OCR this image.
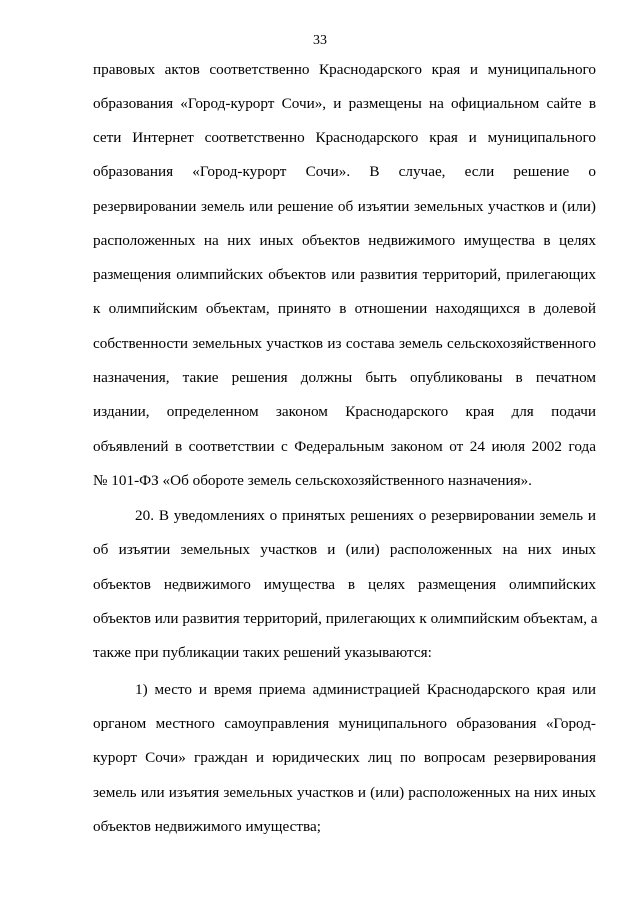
33
правовых актов соответственно Краснодарского края и муниципального
образования «Город-курорт Сочи», и размещены на официальном сайте в
сети Интернет соответственно Краснодарского края и муниципального
образования «Город-курорт Сочи». В случае, если решение о
резервировании земель или решение об изъятии земельных участков и (или)
расположенных на них иных объектов недвижимого имущества в целях
размещения олимпийских объектов или развития территорий, прилегающих
к олимпийским объектам, принято в отношении находящихся в долевой
собственности земельных участков из состава земель сельскохозяйственного
назначения, такие решения должны быть опубликованы в печатном
издании, определенном законом Краснодарского края для подачи
объявлений в соответствии с Федеральным законом от 24 июля 2002 года
№ 101-ФЗ «Об обороте земель сельскохозяйственного назначения».
20. В уведомлениях о принятых решениях о резервировании земель и
об изъятии земельных участков и (или) расположенных на них иных
объектов недвижимого имущества в целях размещения олимпийских
объектов или развития территорий, прилегающих к олимпийским объектам, а
также при публикации таких решений указываются:
1) место и время приема администрацией Краснодарского края или
органом местного самоуправления муниципального образования «Город-
курорт Сочи» граждан и юридических лиц по вопросам резервирования
земель или изъятия земельных участков и (или) расположенных на них иных
объектов недвижимого имущества;
